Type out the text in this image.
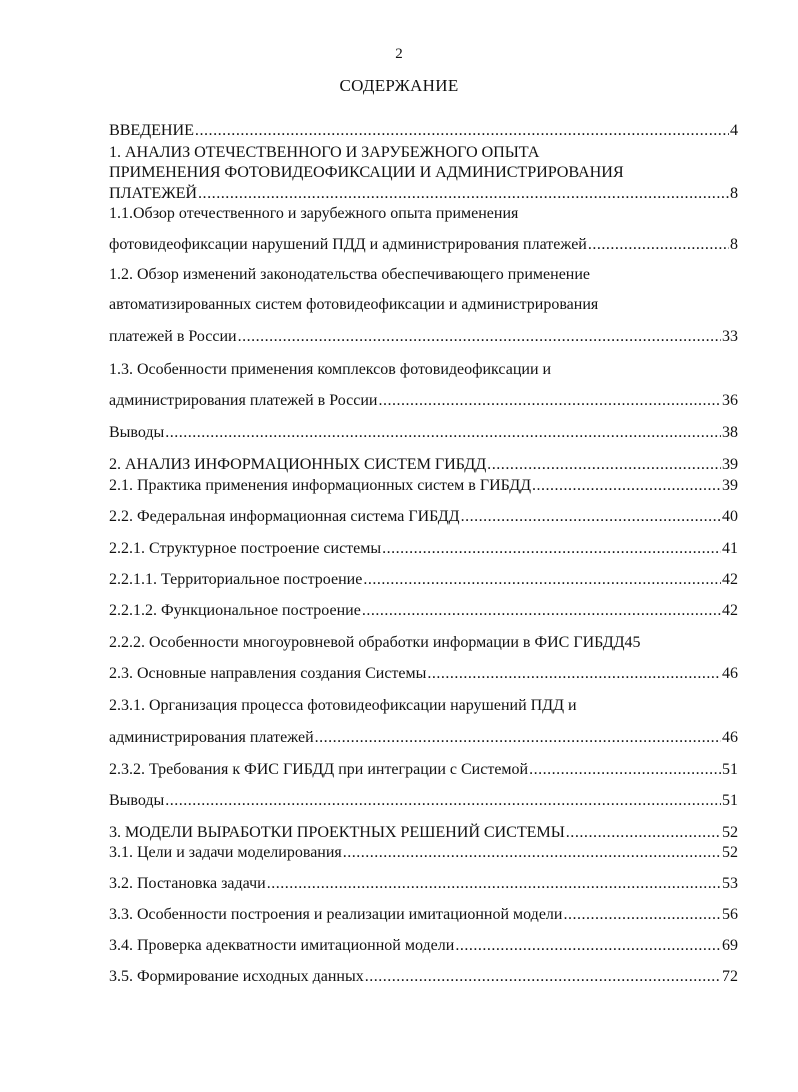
2
СОДЕРЖАНИЕ
ВВЕДЕНИЕ .....	4
1. АНАЛИЗ ОТЕЧЕСТВЕННОГО И ЗАРУБЕЖНОГО ОПЫТА
ПРИМЕНЕНИЯ ФОТОВИДЕОФИКСАЦИИ И АДМИНИСТРИРОВАНИЯ
ПЛАТЕЖЕЙ .....	8
1.1.Обзор отечественного и зарубежного опыта применения
фотовидеофиксации нарушений ПДД и администрирования платежей .....	8
1.2. Обзор изменений законодательства обеспечивающего применение
автоматизированных систем фотовидеофиксации и администрирования
платежей в России .....	33
1.3. Особенности применения комплексов фотовидеофиксации и
администрирования платежей в России .....	36
Выводы .....	38
2. АНАЛИЗ ИНФОРМАЦИОННЫХ СИСТЕМ ГИБДД .....	39
2.1. Практика применения информационных систем в ГИБДД .....	39
2.2. Федеральная информационная система ГИБДД .....	40
2.2.1. Структурное построение системы .....	41
2.2.1.1. Территориальное построение .....	42
2.2.1.2. Функциональное построение .....	42
2.2.2. Особенности многоуровневой обработки информации в ФИС ГИБДД 45
2.3. Основные направления создания Системы .....	46
2.3.1. Организация процесса фотовидеофиксации нарушений ПДД и
администрирования платежей .....	46
2.3.2. Требования к ФИС ГИБДД при интеграции с Системой .....	51
Выводы .....	51
3. МОДЕЛИ ВЫРАБОТКИ ПРОЕКТНЫХ РЕШЕНИЙ СИСТЕМЫ .....	52
3.1. Цели и задачи моделирования .....	52
3.2. Постановка задачи .....	53
3.3. Особенности построения и реализации имитационной модели .....	56
3.4. Проверка адекватности имитационной модели .....	69
3.5. Формирование исходных данных .....	72
